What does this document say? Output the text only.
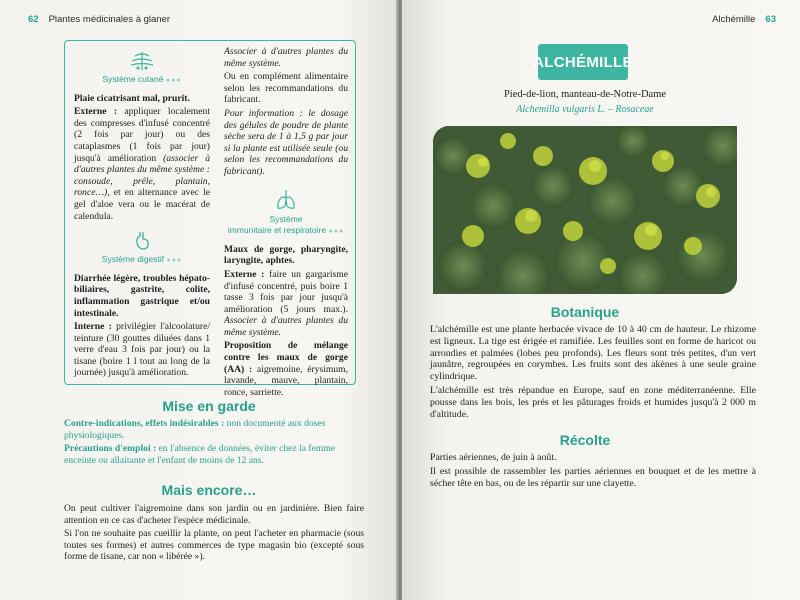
62 Plantes médicinales à glaner
Système cutané ●●●

Plaie cicatrisant mal, prurit.

Externe : appliquer localement des compresses d'infusé concentré (2 fois par jour) ou des cataplasmes (1 fois par jour) jusqu'à amélioration (associer à d'autres plantes du même système : consoude, prêle, plantain, ronce…), et en alternance avec le gel d'aloe vera ou le macérat de calendula.

Système digestif ●●●

Diarrhée légère, troubles hépato-biliaires, gastrite, colite, inflammation gastrique et/ou intestinale.

Interne : privilégier l'alcoolature/ teinture (30 gouttes diluées dans 1 verre d'eau 3 fois par jour) ou la tisane (boire 1 l tout au long de la journée) jusqu'à amélioration.

Associer à d'autres plantes du même système.

Ou en complément alimentaire selon les recommandations du fabricant.

Pour information : le dosage des gélules de poudre de plante sèche sera de 1 à 1,5 g par jour si la plante est utilisée seule (ou selon les recommandations du fabricant).

Système
immunitaire et respiratoire ●●●

Maux de gorge, pharyngite, laryngite, aphtes.

Externe : faire un gargarisme d'infusé concentré, puis boire 1 tasse 3 fois par jour jusqu'à amélioration (5 jours max.). Associer à d'autres plantes du même système.

Proposition de mélange contre les maux de gorge (AA) : aigremoine, érysimum, lavande, mauve, plantain, ronce, sarriette.

Mise en garde

Contre-indications, effets indésirables : non documenté aux doses physiologiques.

Précautions d'emploi : en l'absence de données, éviter chez la femme enceinte ou allaitante et l'enfant de moins de 12 ans.

Mais encore…

On peut cultiver l'aigremoine dans son jardin ou en jardinière. Bien faire attention en ce cas d'acheter l'espèce médicinale.

Si l'on ne souhaite pas cueillir la plante, on peut l'acheter en pharmacie (sous toutes ses formes) et autres commerces de type magasin bio (excepté sous forme de tisane, car non « libérée »).

Alchémille 63
ALCHÉMILLE
Pied-de-lion, manteau-de-Notre-Dame
Alchemilla vulgaris L. – Rosaceae
Botanique

L'alchémille est une plante herbacée vivace de 10 à 40 cm de hauteur. Le rhizome est ligneux. La tige est érigée et ramifiée. Les feuilles sont en forme de haricot ou arrondies et palmées (lobes peu profonds). Les fleurs sont très petites, d'un vert jaunâtre, regroupées en corymbes. Les fruits sont des akènes à une seule graine cylindrique.

L'alchémille est très répandue en Europe, sauf en zone méditerranéenne. Elle pousse dans les bois, les prés et les pâturages froids et humides jusqu'à 2 000 m d'altitude.

Récolte

Parties aériennes, de juin à août.

Il est possible de rassembler les parties aériennes en bouquet et de les mettre à sécher tête en bas, ou de les répartir sur une clayette.
